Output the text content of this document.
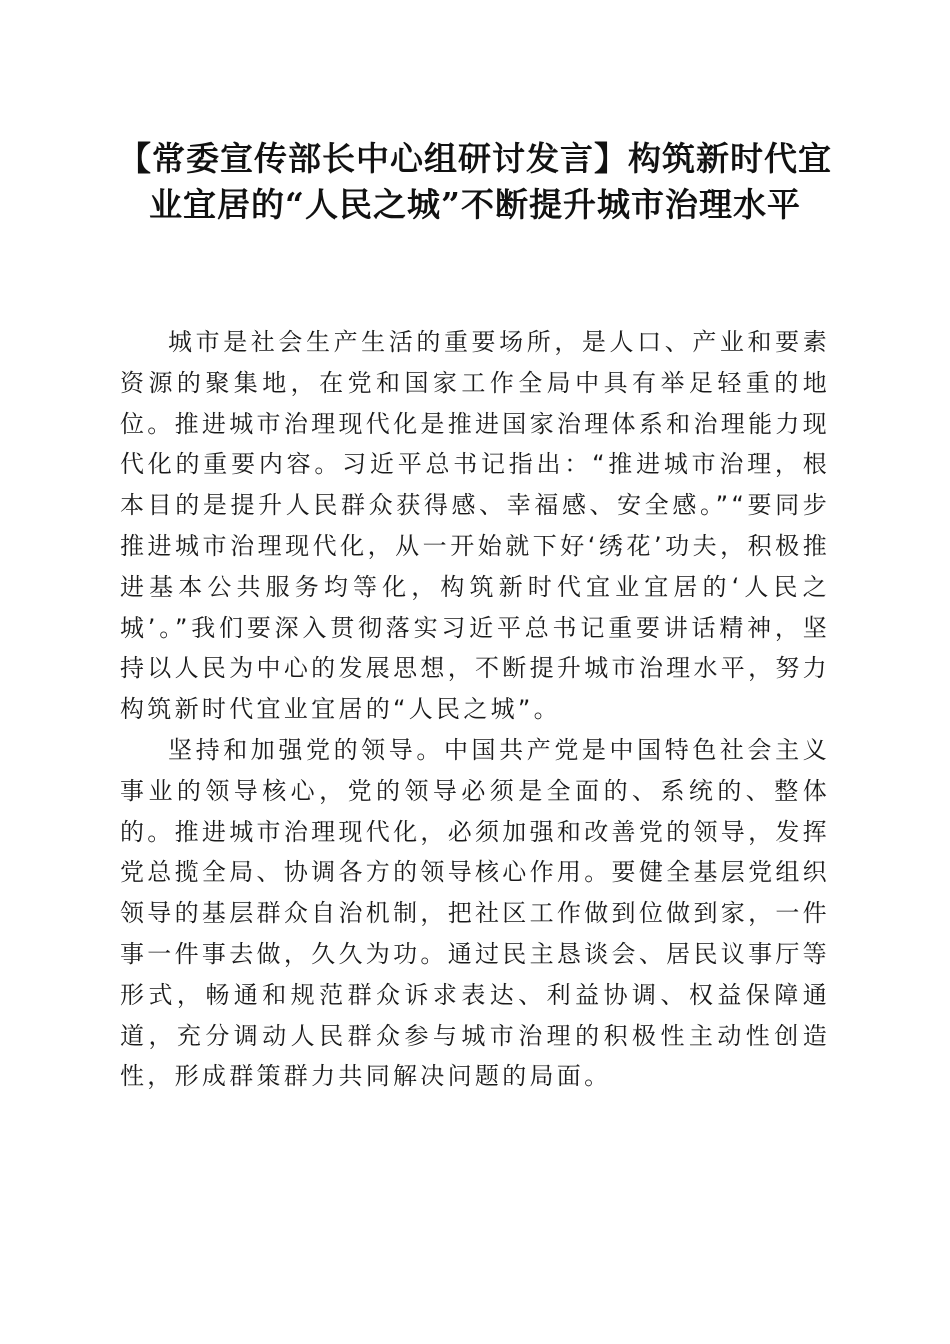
【常委宣传部长中心组研讨发言】构筑新时代宜业宜居的“人民之城”不断提升城市治理水平

城市是社会生产生活的重要场所，是人口、产业和要素资源的聚集地，在党和国家工作全局中具有举足轻重的地位。推进城市治理现代化是推进国家治理体系和治理能力现代化的重要内容。习近平总书记指出：“推进城市治理，根本目的是提升人民群众获得感、幸福感、安全感。”“要同步推进城市治理现代化，从一开始就下好‘绣花’功夫，积极推进基本公共服务均等化，构筑新时代宜业宜居的‘人民之城’。”我们要深入贯彻落实习近平总书记重要讲话精神，坚持以人民为中心的发展思想，不断提升城市治理水平，努力构筑新时代宜业宜居的“人民之城”。

坚持和加强党的领导。中国共产党是中国特色社会主义事业的领导核心，党的领导必须是全面的、系统的、整体的。推进城市治理现代化，必须加强和改善党的领导，发挥党总揽全局、协调各方的领导核心作用。要健全基层党组织领导的基层群众自治机制，把社区工作做到位做到家，一件事一件事去做，久久为功。通过民主恳谈会、居民议事厅等形式，畅通和规范群众诉求表达、利益协调、权益保障通道，充分调动人民群众参与城市治理的积极性主动性创造性，形成群策群力共同解决问题的局面。
